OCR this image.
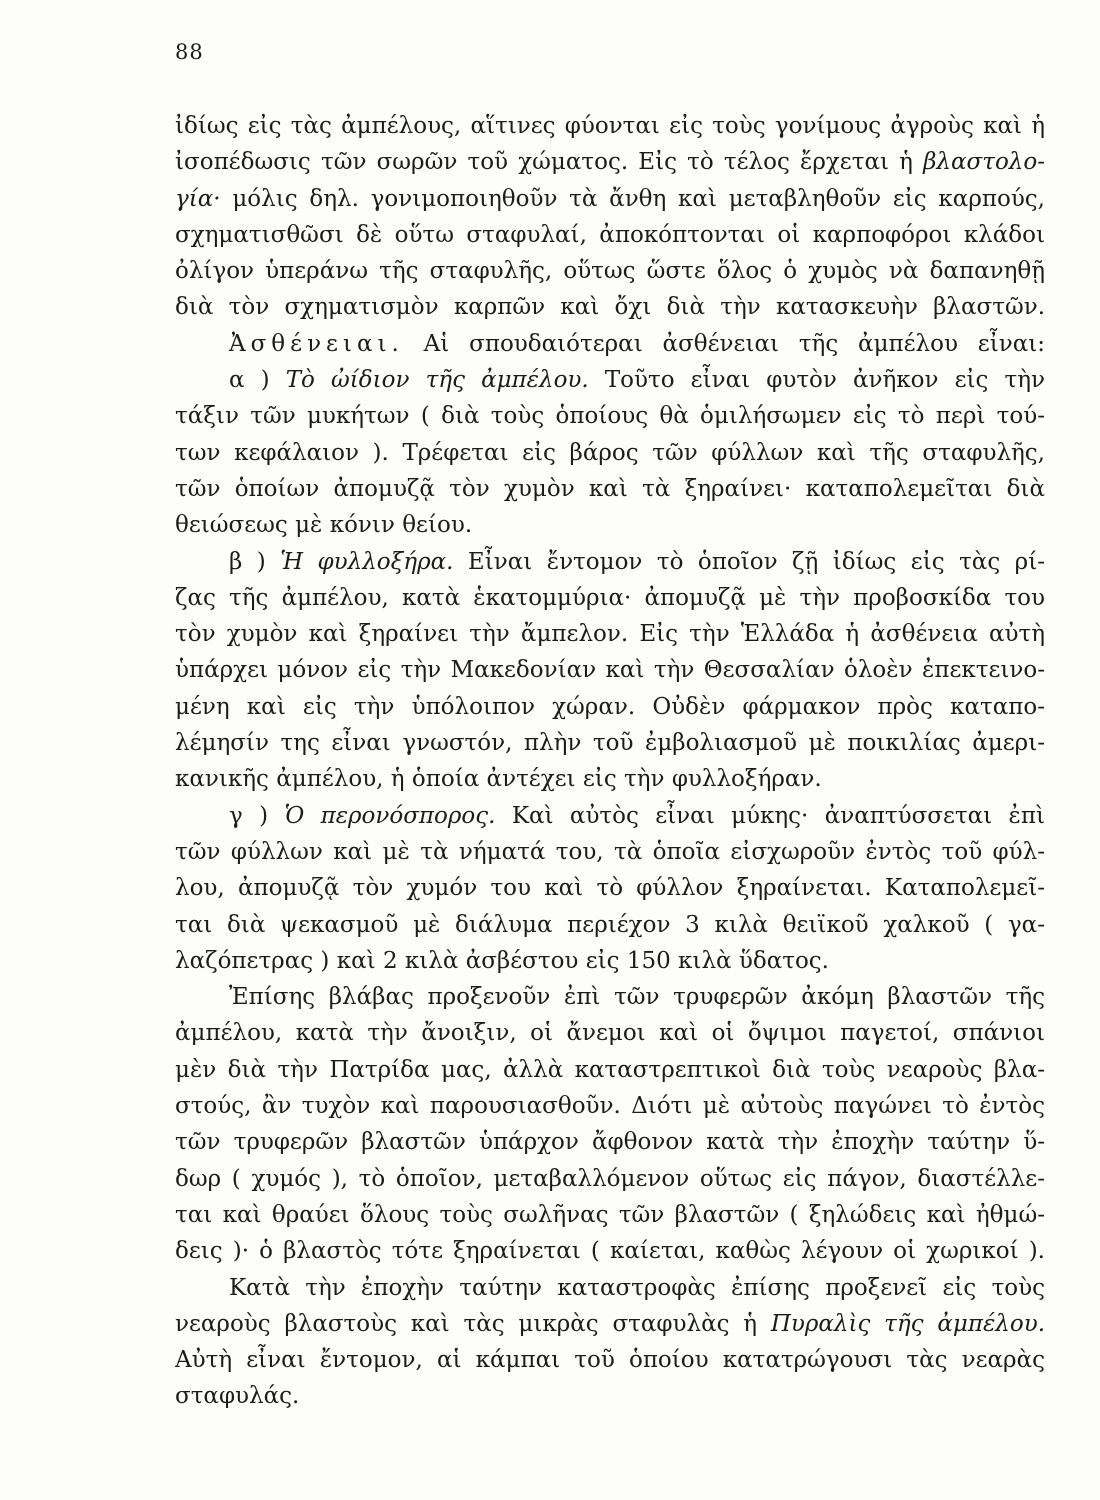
88
ἰδίως εἰς τὰς ἀμπέλους, αἵτινες φύονται εἰς τοὺς γονίμους ἀγροὺς καὶ ἡ
ἰσοπέδωσις τῶν σωρῶν τοῦ χώματος. Εἰς τὸ τέλος ἔρχεται ἡ βλαστολο-
γία· μόλις δηλ. γονιμοποιηθοῦν τὰ ἄνθη καὶ μεταβληθοῦν εἰς καρπούς,
σχηματισθῶσι δὲ οὕτω σταφυλαί, ἀποκόπτονται οἱ καρποφόροι κλάδοι
ὀλίγον ὑπεράνω τῆς σταφυλῆς, οὕτως ὥστε ὅλος ὁ χυμὸς νὰ δαπανηθῇ
διὰ τὸν σχηματισμὸν καρπῶν καὶ ὄχι διὰ τὴν κατασκευὴν βλαστῶν.
Ἀσθένειαι. Αἱ σπουδαιότεραι ἀσθένειαι τῆς ἀμπέλου εἶναι:
α ) Τὸ ὠίδιον τῆς ἀμπέλου. Τοῦτο εἶναι φυτὸν ἀνῆκον εἰς τὴν
τάξιν τῶν μυκήτων ( διὰ τοὺς ὁποίους θὰ ὁμιλήσωμεν εἰς τὸ περὶ τού-
των κεφάλαιον ). Τρέφεται εἰς βάρος τῶν φύλλων καὶ τῆς σταφυλῆς,
τῶν ὁποίων ἀπομυζᾷ τὸν χυμὸν καὶ τὰ ξηραίνει· καταπολεμεῖται διὰ
θειώσεως μὲ κόνιν θείου.
β ) Ἡ φυλλοξήρα. Εἶναι ἔντομον τὸ ὁποῖον ζῇ ἰδίως εἰς τὰς ρί-
ζας τῆς ἀμπέλου, κατὰ ἑκατομμύρια· ἀπομυζᾷ μὲ τὴν προβοσκίδα του
τὸν χυμὸν καὶ ξηραίνει τὴν ἄμπελον. Εἰς τὴν Ἑλλάδα ἡ ἀσθένεια αὐτὴ
ὑπάρχει μόνον εἰς τὴν Μακεδονίαν καὶ τὴν Θεσσαλίαν ὁλοὲν ἐπεκτεινο-
μένη καὶ εἰς τὴν ὑπόλοιπον χώραν. Οὐδὲν φάρμακον πρὸς καταπο-
λέμησίν της εἶναι γνωστόν, πλὴν τοῦ ἐμβολιασμοῦ μὲ ποικιλίας ἀμερι-
κανικῆς ἀμπέλου, ἡ ὁποία ἀντέχει εἰς τὴν φυλλοξήραν.
γ ) Ὁ περονόσπορος. Καὶ αὐτὸς εἶναι μύκης· ἀναπτύσσεται ἐπὶ
τῶν φύλλων καὶ μὲ τὰ νήματά του, τὰ ὁποῖα εἰσχωροῦν ἐντὸς τοῦ φύλ-
λου, ἀπομυζᾷ τὸν χυμόν του καὶ τὸ φύλλον ξηραίνεται. Καταπολεμεῖ-
ται διὰ ψεκασμοῦ μὲ διάλυμα περιέχον 3 κιλὰ θειϊκοῦ χαλκοῦ ( γα-
λαζόπετρας ) καὶ 2 κιλὰ ἀσβέστου εἰς 150 κιλὰ ὕδατος.
Ἐπίσης βλάβας προξενοῦν ἐπὶ τῶν τρυφερῶν ἀκόμη βλαστῶν τῆς
ἀμπέλου, κατὰ τὴν ἄνοιξιν, οἱ ἄνεμοι καὶ οἱ ὄψιμοι παγετοί, σπάνιοι
μὲν διὰ τὴν Πατρίδα μας, ἀλλὰ καταστρεπτικοὶ διὰ τοὺς νεαροὺς βλα-
στούς, ἂν τυχὸν καὶ παρουσιασθοῦν. Διότι μὲ αὐτοὺς παγώνει τὸ ἐντὸς
τῶν τρυφερῶν βλαστῶν ὑπάρχον ἄφθονον κατὰ τὴν ἐποχὴν ταύτην ὕ-
δωρ ( χυμός ), τὸ ὁποῖον, μεταβαλλόμενον οὕτως εἰς πάγον, διαστέλλε-
ται καὶ θραύει ὅλους τοὺς σωλῆνας τῶν βλαστῶν ( ξηλώδεις καὶ ἠθμώ-
δεις )· ὁ βλαστὸς τότε ξηραίνεται ( καίεται, καθὼς λέγουν οἱ χωρικοί ).
Κατὰ τὴν ἐποχὴν ταύτην καταστροφὰς ἐπίσης προξενεῖ εἰς τοὺς
νεαροὺς βλαστοὺς καὶ τὰς μικρὰς σταφυλὰς ἡ Πυραλὶς τῆς ἀμπέλου.
Αὐτὴ εἶναι ἔντομον, αἱ κάμπαι τοῦ ὁποίου κατατρώγουσι τὰς νεαρὰς
σταφυλάς.
